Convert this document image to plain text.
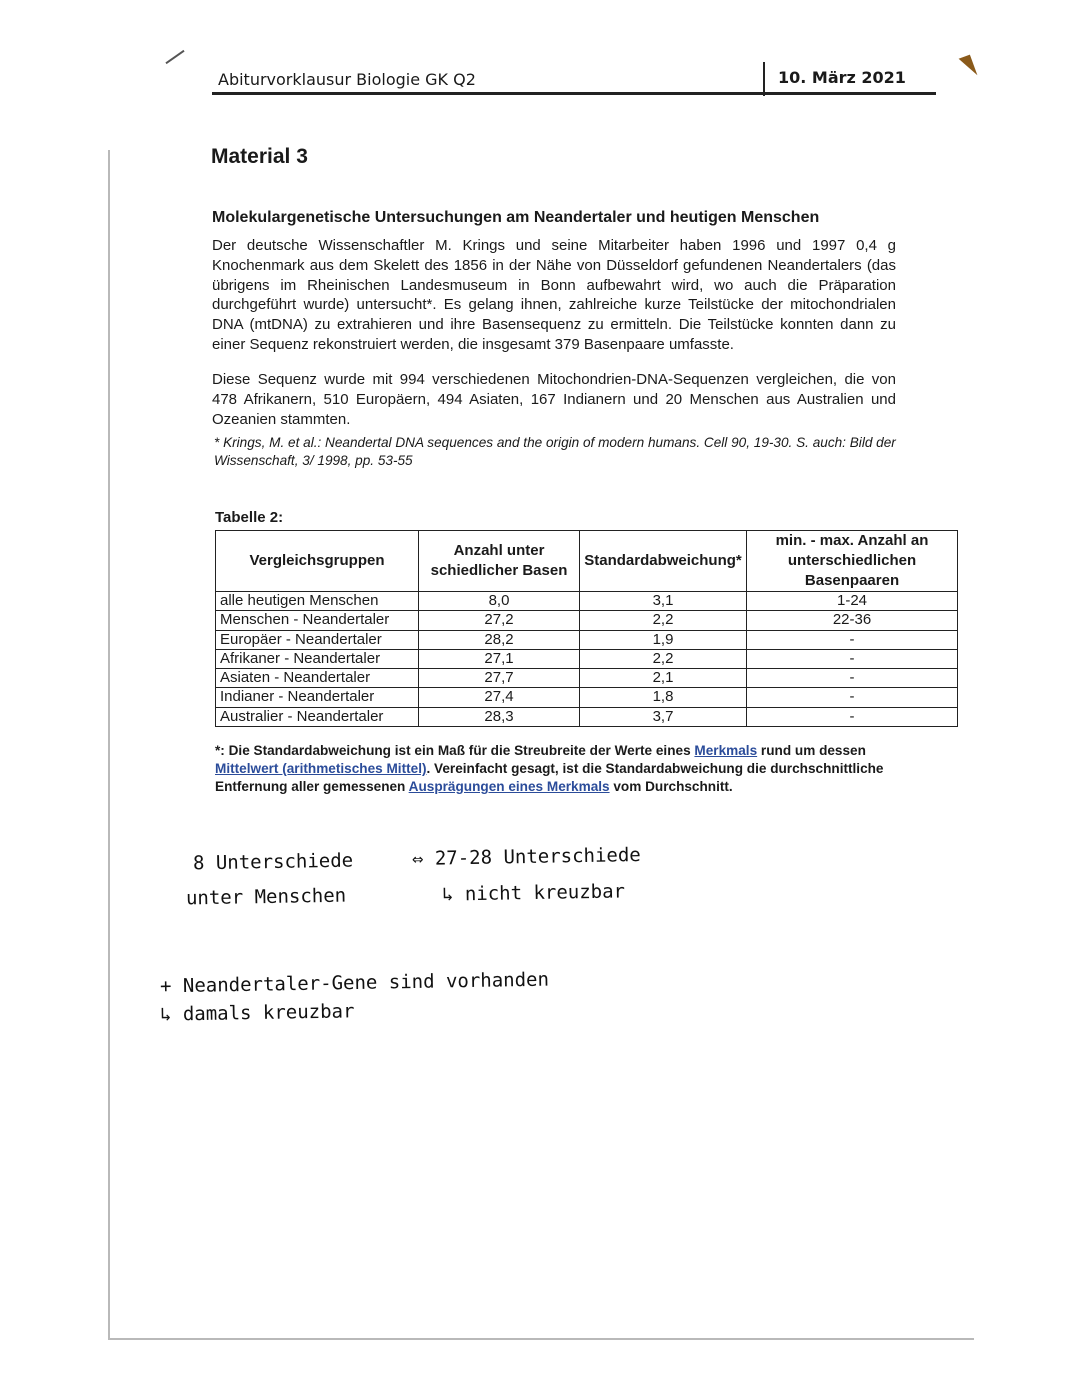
Abiturvorklausur Biologie GK Q2	10. März 2021
Material 3
Molekulargenetische Untersuchungen am Neandertaler und heutigen Menschen

Der deutsche Wissenschaftler M. Krings und seine Mitarbeiter haben 1996 und 1997 0,4 g Knochenmark aus dem Skelett des 1856 in der Nähe von Düsseldorf gefundenen Neandertalers (das übrigens im Rheinischen Landesmuseum in Bonn aufbewahrt wird, wo auch die Präparation durchgeführt wurde) untersucht*. Es gelang ihnen, zahlreiche kurze Teilstücke der mitochondrialen DNA (mtDNA) zu extrahieren und ihre Basensequenz zu ermitteln. Die Teilstücke konnten dann zu einer Sequenz rekonstruiert werden, die insgesamt 379 Basenpaare umfasste.

Diese Sequenz wurde mit 994 verschiedenen Mitochondrien-DNA-Sequenzen vergleichen, die von 478 Afrikanern, 510 Europäern, 494 Asiaten, 167 Indianern und 20 Menschen aus Australien und Ozeanien stammten.

* Krings, M. et al.: Neandertal DNA sequences and the origin of modern humans. Cell 90, 19-30. S. auch: Bild der Wissenschaft, 3/ 1998, pp. 53-55

Tabelle 2:
Vergleichsgruppen	Anzahl unter schiedlicher Basen	Standardabweichung*	min. - max. Anzahl an unterschiedlichen Basenpaaren
alle heutigen Menschen	8,0	3,1	1-24
Menschen - Neandertaler	27,2	2,2	22-36
Europäer - Neandertaler	28,2	1,9	-
Afrikaner - Neandertaler	27,1	2,2	-
Asiaten - Neandertaler	27,7	2,1	-
Indianer - Neandertaler	27,4	1,8	-
Australier - Neandertaler	28,3	3,7	-

*: Die Standardabweichung ist ein Maß für die Streubreite der Werte eines Merkmals rund um dessen Mittelwert (arithmetisches Mittel). Vereinfacht gesagt, ist die Standardabweichung die durchschnittliche Entfernung aller gemessenen Ausprägungen eines Merkmals vom Durchschnitt.

8 Unterschiede
unter Menschen
⇔ 27-28 Unterschiede
↳ nicht kreuzbar
+ Neandertaler-Gene sind vorhanden
↳ damals kreuzbar
